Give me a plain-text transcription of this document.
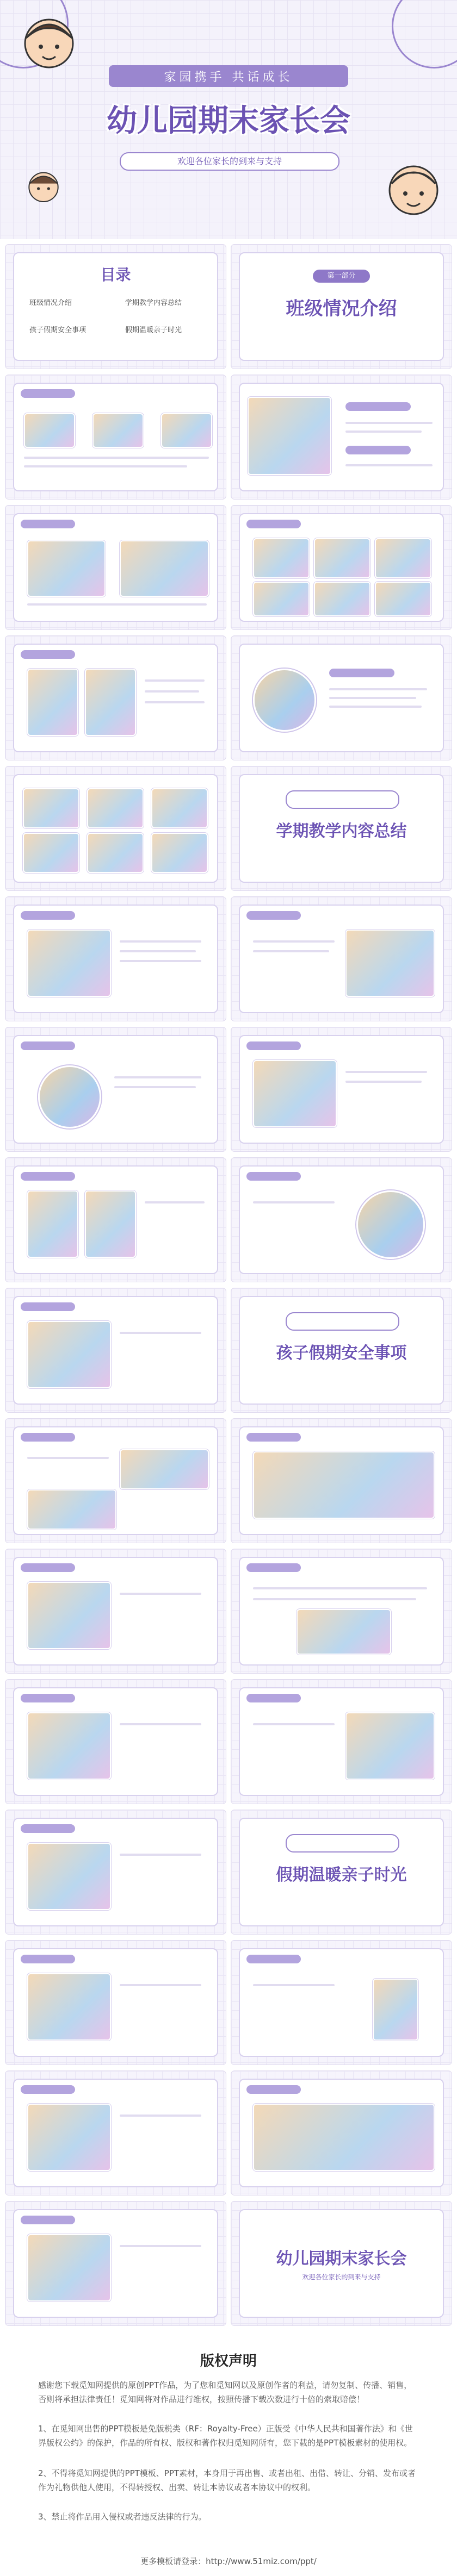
家园携手 共话成长
幼儿园期末家长会
欢迎各位家长的到来与支持
目录
班级情况介绍	学期教学内容总结
孩子假期安全事项	假期温暖亲子时光
第一部分
班级情况介绍
学期教学内容总结
孩子假期安全事项
假期温暖亲子时光
幼儿园期末家长会
欢迎各位家长的到来与支持
版权声明
感谢您下载觅知网提供的原创PPT作品，为了您和觅知网以及原创作者的利益，请勿复制、传播、销售，否则将承担法律责任！觅知网将对作品进行维权，按照传播下载次数进行十倍的索取赔偿！
1、在觅知网出售的PPT模板是免版税类（RF：Royalty-Free）正版受《中华人民共和国著作法》和《世界版权公约》的保护，作品的所有权、版权和著作权归觅知网所有，您下载的是PPT模板素材的使用权。
2、不得将觅知网提供的PPT模板、PPT素材，本身用于再出售、或者出租、出借、转让、分销、发布或者作为礼物供他人使用，不得转授权、出卖、转让本协议或者本协议中的权利。
3、禁止将作品用入侵权或者违反法律的行为。
更多模板请登录：http://www.51miz.com/ppt/
